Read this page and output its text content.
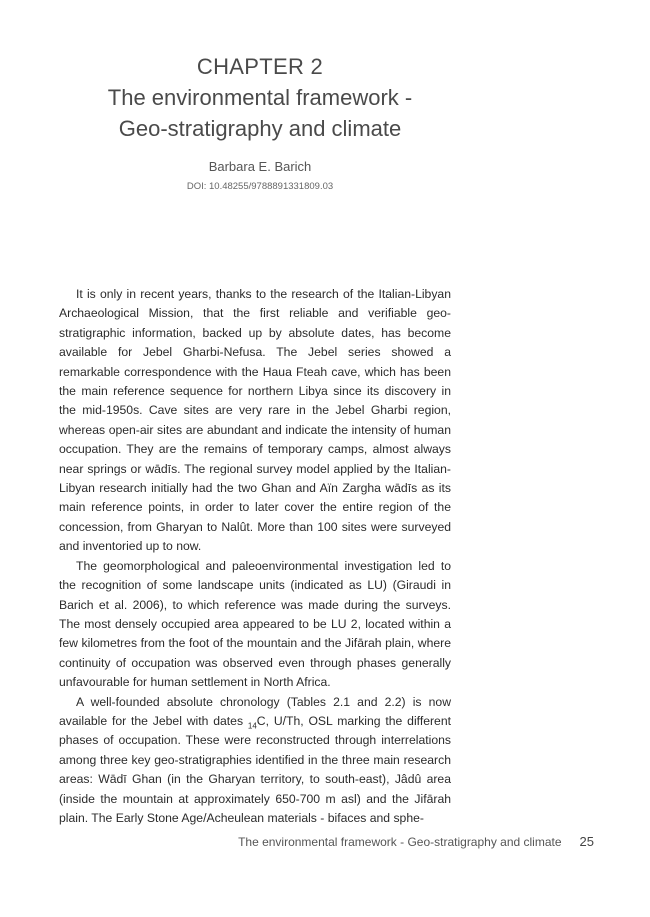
CHAPTER 2
The environmental framework -
Geo-stratigraphy and climate
Barbara E. Barich
DOI: 10.48255/9788891331809.03

It is only in recent years, thanks to the research of the Italian-Libyan Archaeological Mission, that the first reliable and verifiable geo-stratigraphic information, backed up by absolute dates, has become available for Jebel Gharbi-Nefusa. The Jebel series showed a remarkable correspondence with the Haua Fteah cave, which has been the main reference sequence for northern Libya since its discovery in the mid-1950s. Cave sites are very rare in the Jebel Gharbi region, whereas open-air sites are abundant and indicate the intensity of human occupation. They are the remains of temporary camps, almost always near springs or wādīs. The regional survey model applied by the Italian-Libyan research initially had the two Ghan and Aïn Zargha wādīs as its main reference points, in order to later cover the entire region of the concession, from Gharyan to Nalût. More than 100 sites were surveyed and inventoried up to now.

The geomorphological and paleoenvironmental investigation led to the recognition of some landscape units (indicated as LU) (Giraudi in Barich et al. 2006), to which reference was made during the surveys. The most densely occupied area appeared to be LU 2, located within a few kilometres from the foot of the mountain and the Jifārah plain, where continuity of occupation was observed even through phases generally unfavourable for human settlement in North Africa.

A well-founded absolute chronology (Tables 2.1 and 2.2) is now available for the Jebel with dates $_{14}$C, U/Th, OSL marking the different phases of occupation. These were reconstructed through interrelations among three key geo-stratigraphies identified in the three main research areas: Wādī Ghan (in the Gharyan territory, to south-east), Jâdû area (inside the mountain at approximately 650-700 m asl) and the Jifārah plain. The Early Stone Age/Acheulean materials - bifaces and sphe-

The environmental framework - Geo-stratigraphy and climate 25
